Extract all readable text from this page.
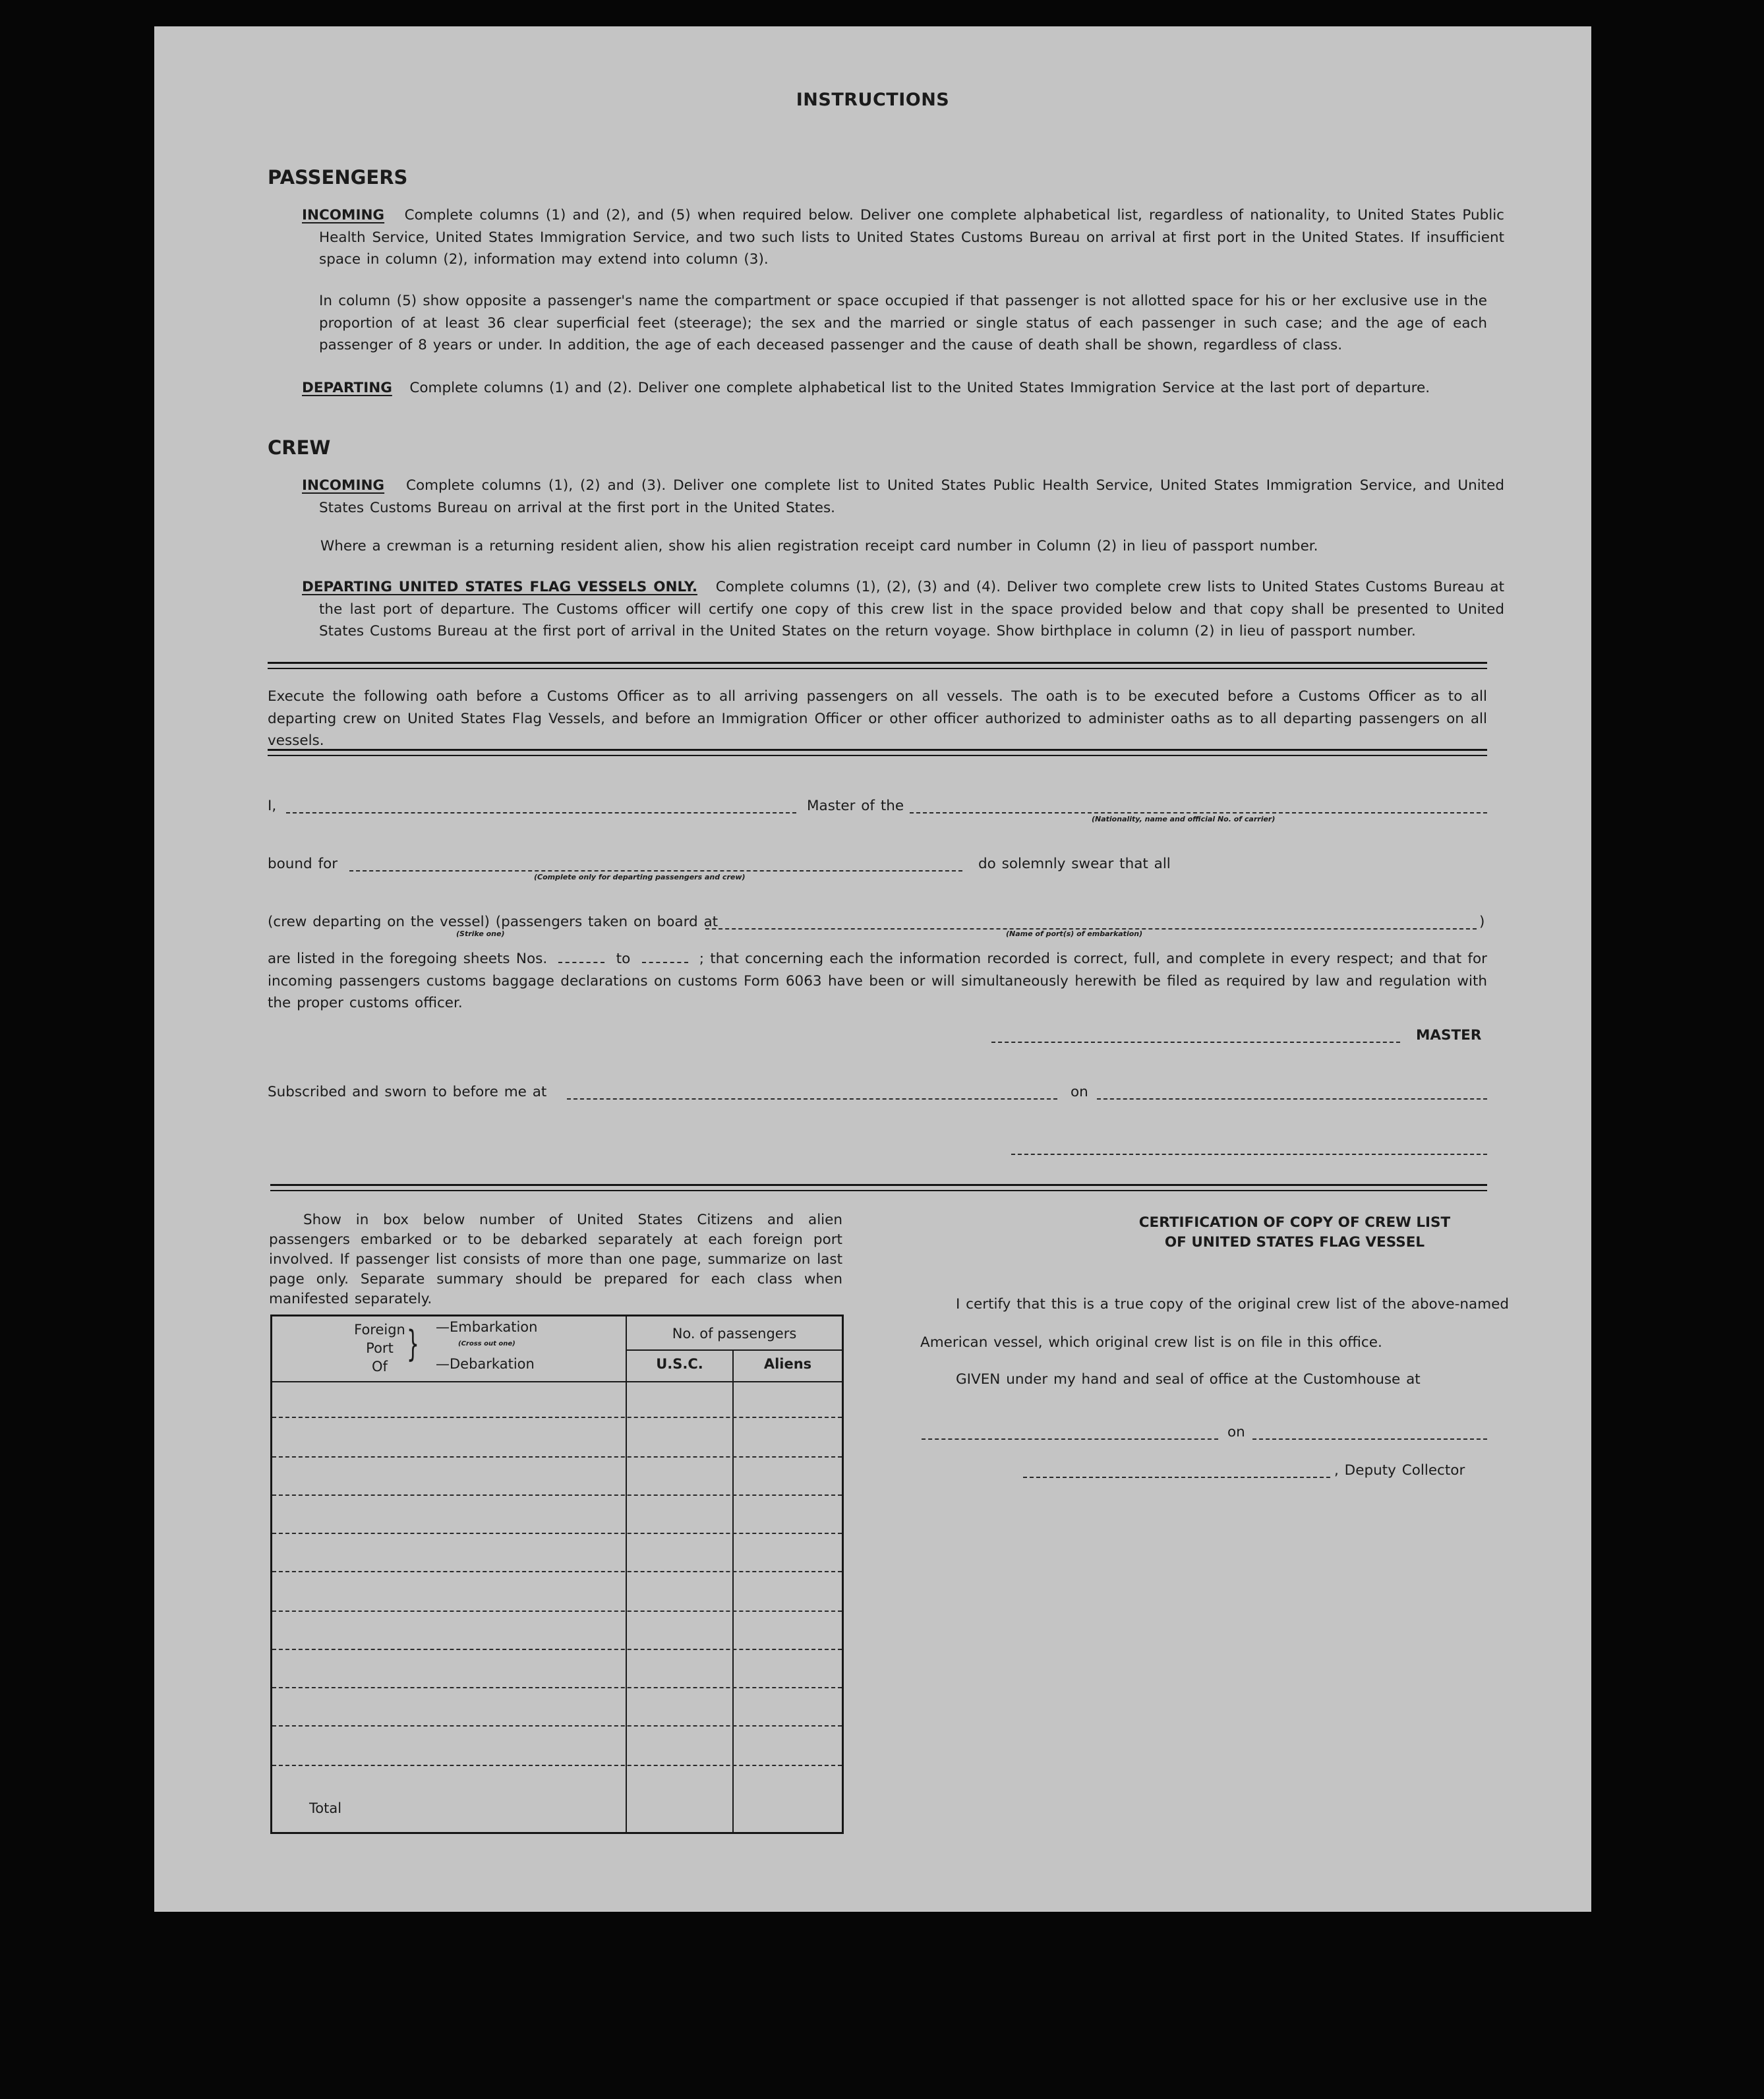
INSTRUCTIONS
PASSENGERS
INCOMING Complete columns (1) and (2), and (5) when required below. Deliver one complete alphabetical list, regardless of nationality, to United States Public Health Service, United States Immigration Service, and two such lists to United States Customs Bureau on arrival at first port in the United States. If insufficient space in column (2), information may extend into column (3).
In column (5) show opposite a passenger's name the compartment or space occupied if that passenger is not allotted space for his or her exclusive use in the proportion of at least 36 clear superficial feet (steerage); the sex and the married or single status of each passenger in such case; and the age of each passenger of 8 years or under. In addition, the age of each deceased passenger and the cause of death shall be shown, regardless of class.
DEPARTING Complete columns (1) and (2). Deliver one complete alphabetical list to the United States Immigration Service at the last port of departure.
CREW
INCOMING Complete columns (1), (2) and (3). Deliver one complete list to United States Public Health Service, United States Immigration Service, and United States Customs Bureau on arrival at the first port in the United States.
Where a crewman is a returning resident alien, show his alien registration receipt card number in Column (2) in lieu of passport number.
DEPARTING UNITED STATES FLAG VESSELS ONLY. Complete columns (1), (2), (3) and (4). Deliver two complete crew lists to United States Customs Bureau at the last port of departure. The Customs officer will certify one copy of this crew list in the space provided below and that copy shall be presented to United States Customs Bureau at the first port of arrival in the United States on the return voyage. Show birthplace in column (2) in lieu of passport number.
Execute the following oath before a Customs Officer as to all arriving passengers on all vessels. The oath is to be executed before a Customs Officer as to all departing crew on United States Flag Vessels, and before an Immigration Officer or other officer authorized to administer oaths as to all departing passengers on all vessels.
I,	Master of the
(Nationality, name and official No. of carrier)
bound for
(Complete only for departing passengers and crew)
do solemnly swear that all
(crew departing on the vessel) (passengers taken on board at	)
(Strike one)	(Name of port(s) of embarkation)
are listed in the foregoing sheets Nos.	to	; that concerning each the information recorded is correct, full, and complete in every respect; and that for incoming passengers customs baggage declarations on customs Form 6063 have been or will simultaneously herewith be filed as required by law and regulation with the proper customs officer.
MASTER
Subscribed and sworn to before me at	on
Show in box below number of United States Citizens and alien passengers embarked or to be debarked separately at each foreign port involved. If passenger list consists of more than one page, summarize on last page only. Separate summary should be prepared for each class when manifested separately.
Foreign
Port
Of
} —Embarkation
(Cross out one)
—Debarkation
No. of passengers
U.S.C.	Aliens
Total
CERTIFICATION OF COPY OF CREW LIST
OF UNITED STATES FLAG VESSEL
I certify that this is a true copy of the original crew list of the above-named
American vessel, which original crew list is on file in this office.
GIVEN under my hand and seal of office at the Customhouse at
on
, Deputy Collector
